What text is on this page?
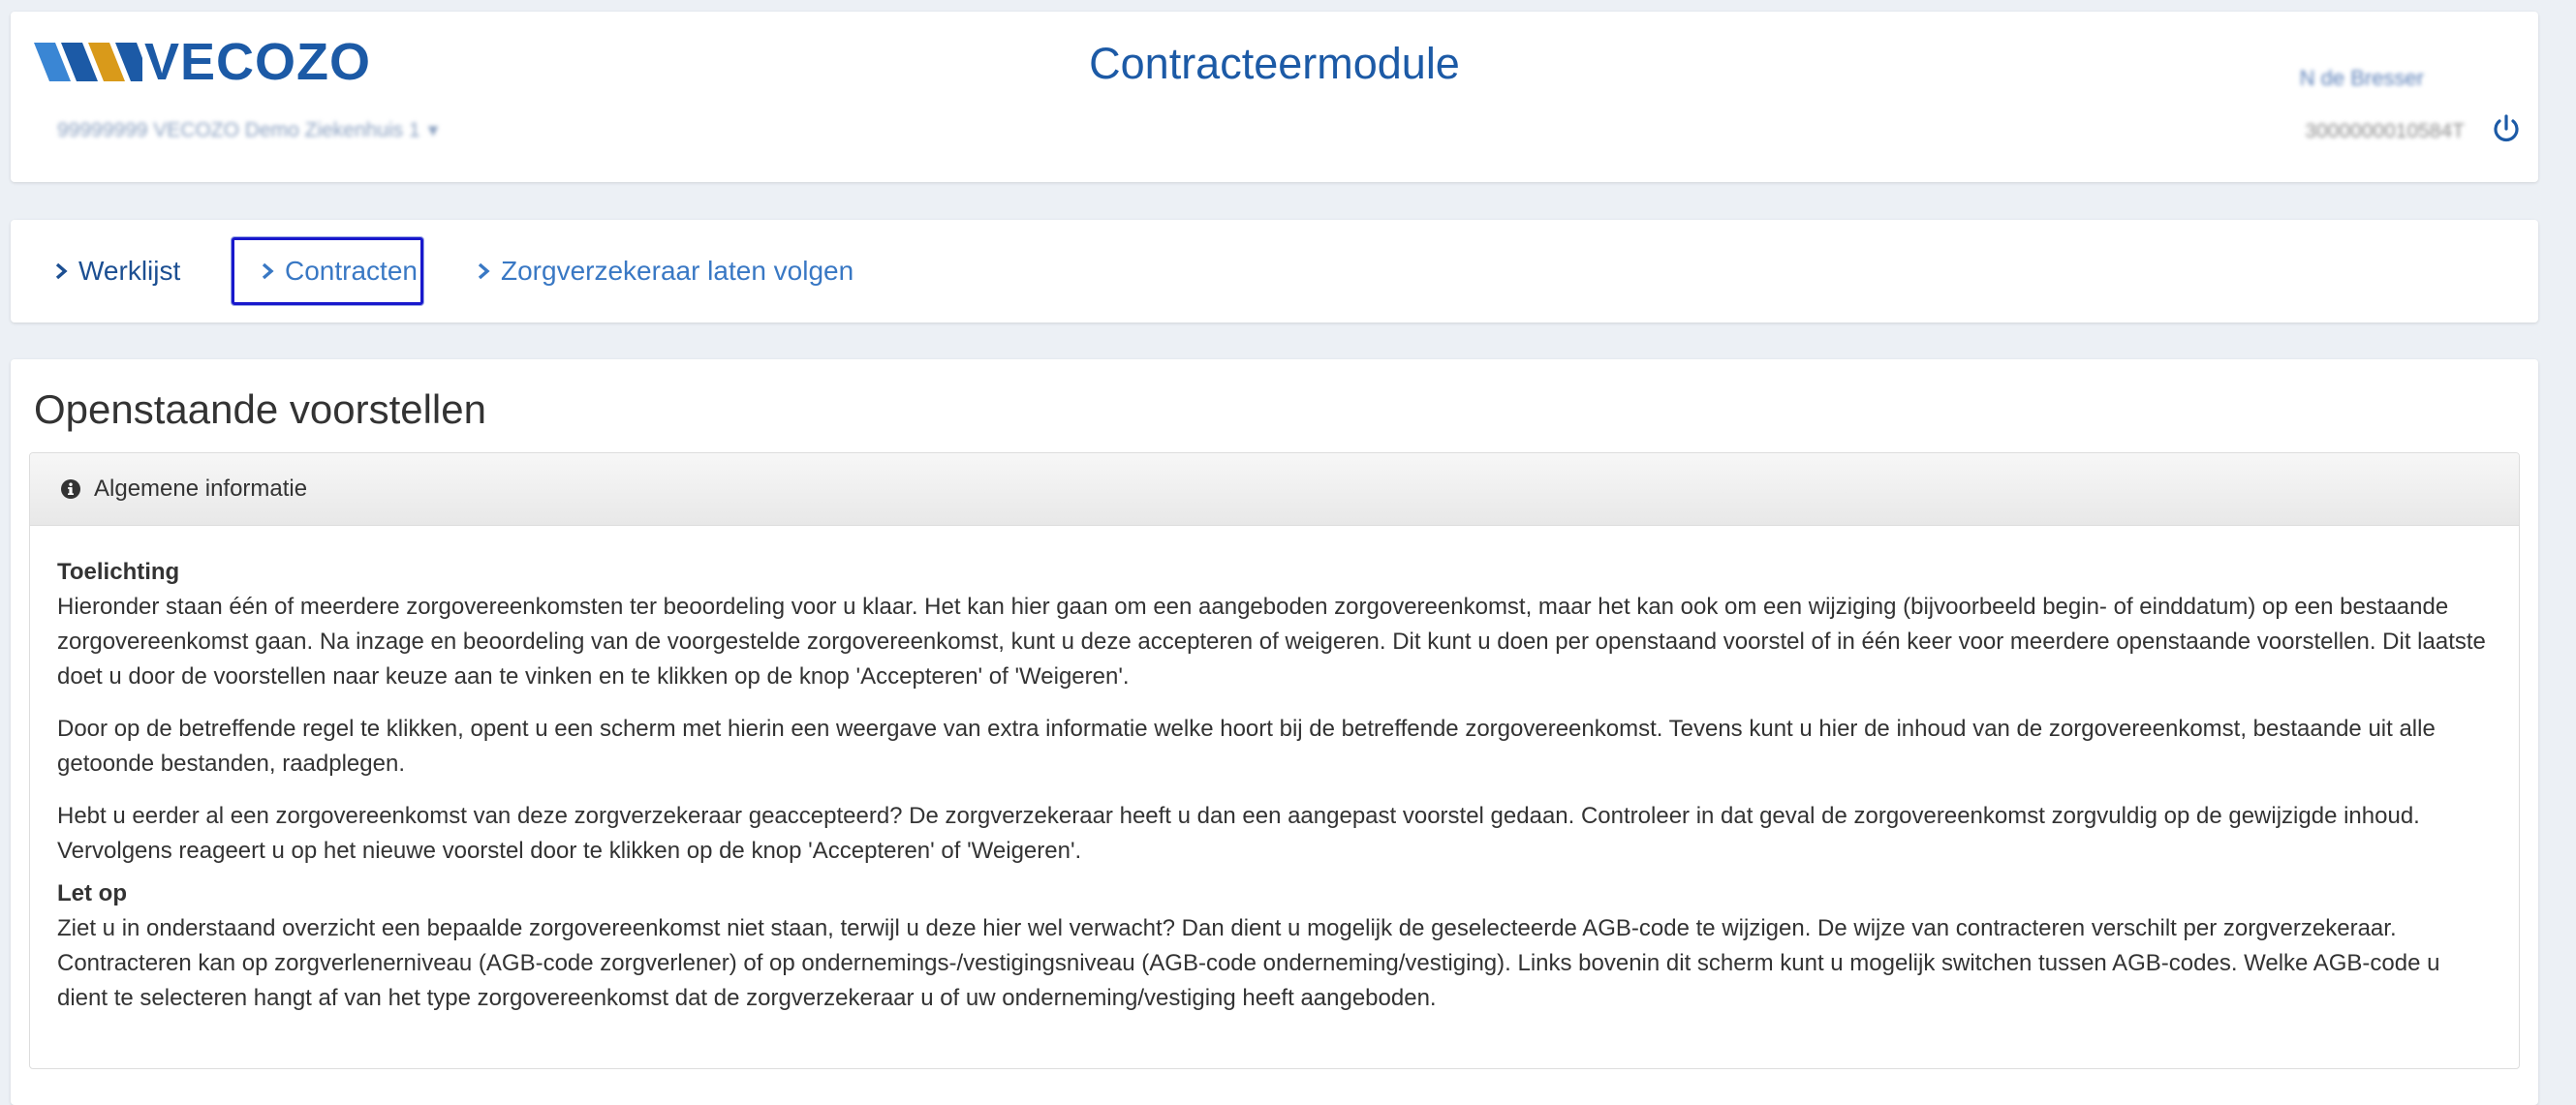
VECOZO
99999999 VECOZO Demo Ziekenhuis 1 ▾
Contracteermodule	N de Bresser
3000000010584T
Werklijst	Contracten	Zorgverzekeraar laten volgen
Openstaande voorstellen
Algemene informatie
Toelichting

Hieronder staan één of meerdere zorgovereenkomsten ter beoordeling voor u klaar. Het kan hier gaan om een aangeboden zorgovereenkomst, maar het kan ook om een wijziging (bijvoorbeeld begin- of einddatum) op een bestaande zorgovereenkomst gaan. Na inzage en beoordeling van de voorgestelde zorgovereenkomst, kunt u deze accepteren of weigeren. Dit kunt u doen per openstaand voorstel of in één keer voor meerdere openstaande voorstellen. Dit laatste doet u door de voorstellen naar keuze aan te vinken en te klikken op de knop 'Accepteren' of 'Weigeren'.

Door op de betreffende regel te klikken, opent u een scherm met hierin een weergave van extra informatie welke hoort bij de betreffende zorgovereenkomst. Tevens kunt u hier de inhoud van de zorgovereenkomst, bestaande uit alle getoonde bestanden, raadplegen.

Hebt u eerder al een zorgovereenkomst van deze zorgverzekeraar geaccepteerd? De zorgverzekeraar heeft u dan een aangepast voorstel gedaan. Controleer in dat geval de zorgovereenkomst zorgvuldig op de gewijzigde inhoud. Vervolgens reageert u op het nieuwe voorstel door te klikken op de knop 'Accepteren' of 'Weigeren'.

Let op

Ziet u in onderstaand overzicht een bepaalde zorgovereenkomst niet staan, terwijl u deze hier wel verwacht? Dan dient u mogelijk de geselecteerde AGB-code te wijzigen. De wijze van contracteren verschilt per zorgverzekeraar. Contracteren kan op zorgverlenerniveau (AGB-code zorgverlener) of op ondernemings-/vestigingsniveau (AGB-code onderneming/vestiging). Links bovenin dit scherm kunt u mogelijk switchen tussen AGB-codes. Welke AGB-code u dient te selecteren hangt af van het type zorgovereenkomst dat de zorgverzekeraar u of uw onderneming/vestiging heeft aangeboden.
